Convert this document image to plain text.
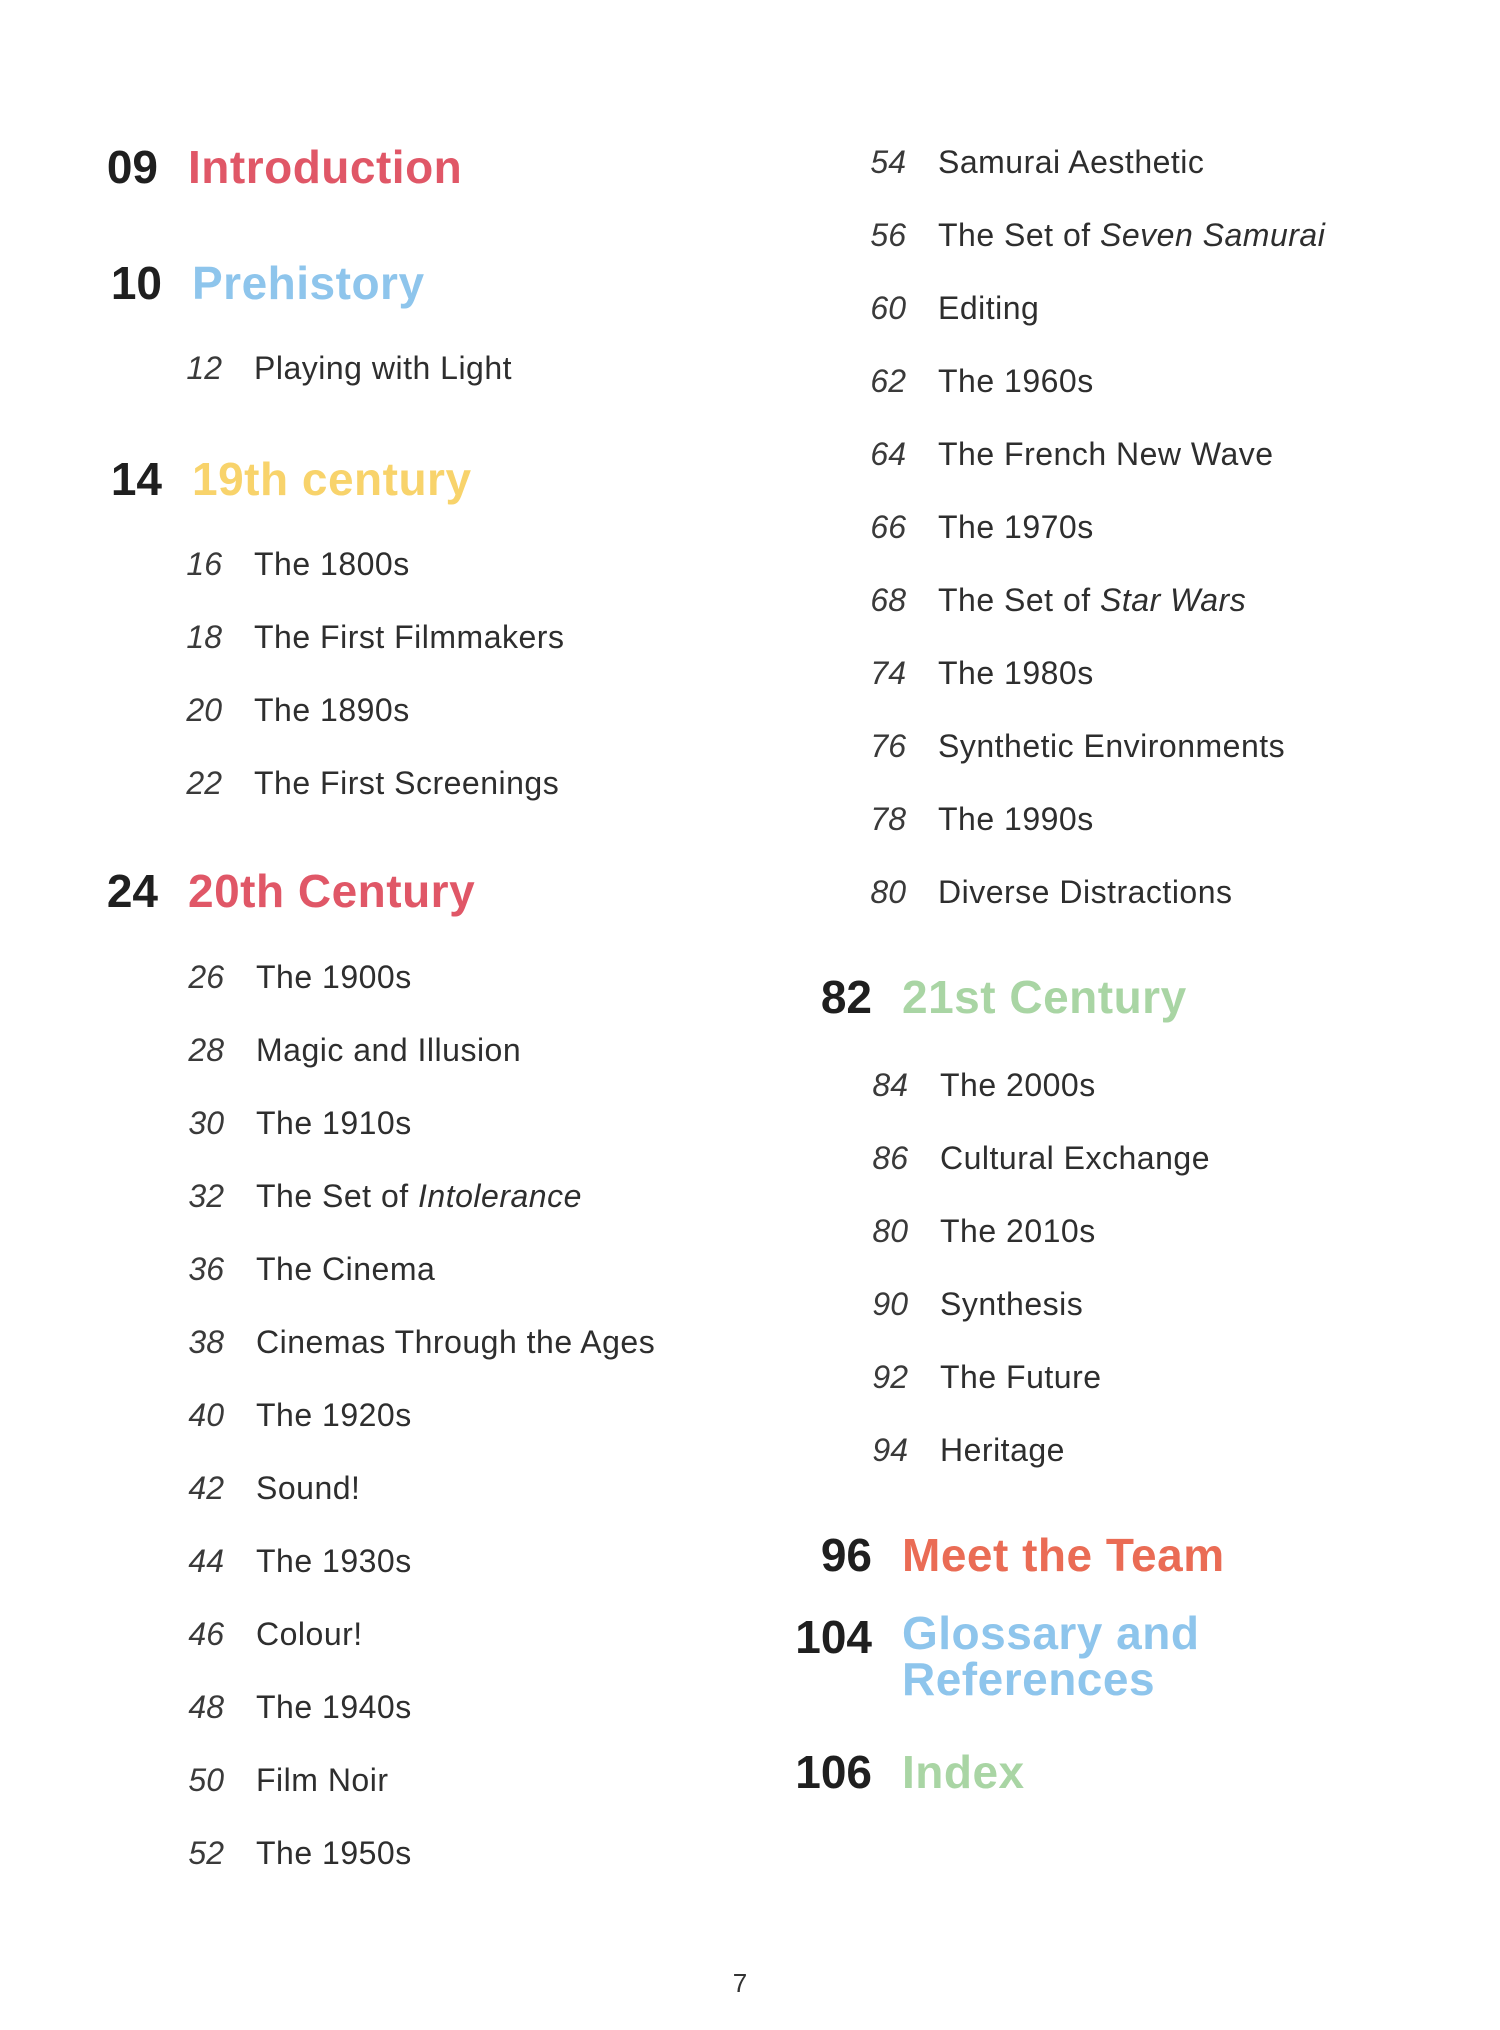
09 Introduction
10 Prehistory
12 Playing with Light
14 19th century
16 The 1800s
18 The First Filmmakers
20 The 1890s
22 The First Screenings
24 20th Century
26 The 1900s
28 Magic and Illusion
30 The 1910s
32 The Set of Intolerance
36 The Cinema
38 Cinemas Through the Ages
40 The 1920s
42 Sound!
44 The 1930s
46 Colour!
48 The 1940s
50 Film Noir
52 The 1950s
54 Samurai Aesthetic
56 The Set of Seven Samurai
60 Editing
62 The 1960s
64 The French New Wave
66 The 1970s
68 The Set of Star Wars
74 The 1980s
76 Synthetic Environments
78 The 1990s
80 Diverse Distractions
82 21st Century
84 The 2000s
86 Cultural Exchange
80 The 2010s
90 Synthesis
92 The Future
94 Heritage
96 Meet the Team
104 Glossary and References
106 Index
7
